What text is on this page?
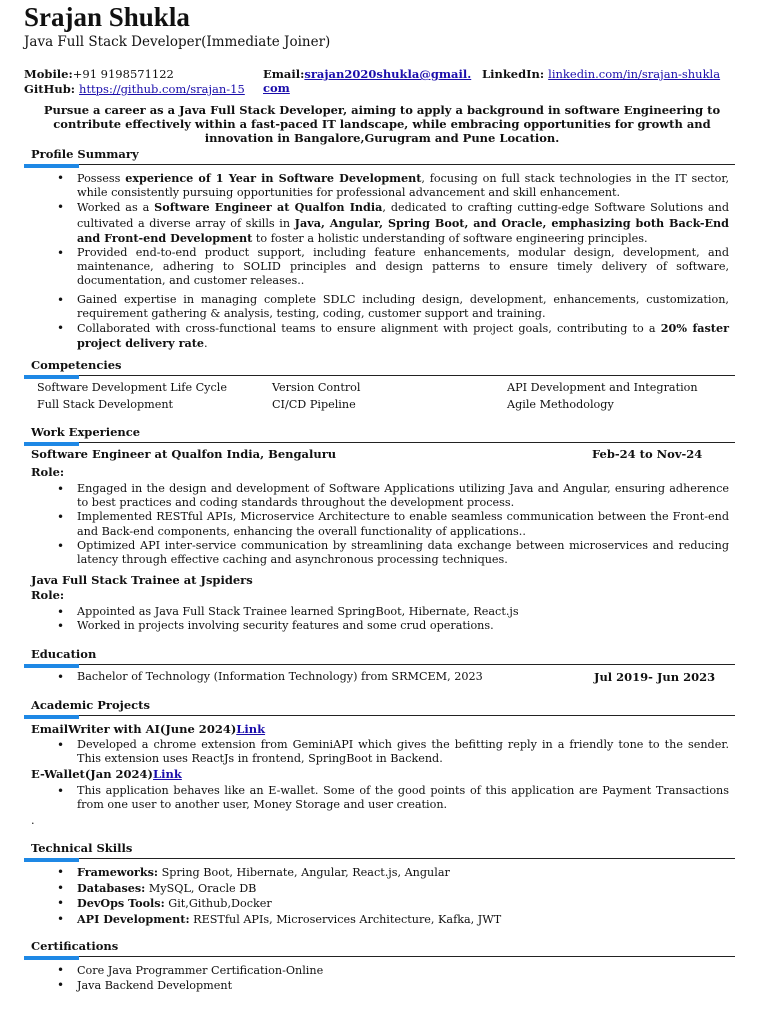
Srajan Shukla
Java Full Stack Developer(Immediate Joiner)
Mobile:+91 9198571122
GitHub: https://github.com/srajan-15
Email:srajan2020shukla@gmail.
com
LinkedIn: linkedin.com/in/srajan-shukla
Pursue a career as a Java Full Stack Developer, aiming to apply a background in software Engineering to contribute effectively within a fast-paced IT landscape, while embracing opportunities for growth and innovation in Bangalore,Gurugram and Pune Location.
Profile Summary
• Possess experience of 1 Year in Software Development, focusing on full stack technologies in the IT sector, while consistently pursuing opportunities for professional advancement and skill enhancement.
• Worked as a Software Engineer at Qualfon India, dedicated to crafting cutting-edge Software Solutions and cultivated a diverse array of skills in Java, Angular, Spring Boot, and Oracle, emphasizing both Back-End and Front-end Development to foster a holistic understanding of software engineering principles.
• Provided end-to-end product support, including feature enhancements, modular design, development, and maintenance, adhering to SOLID principles and design patterns to ensure timely delivery of software, documentation, and customer releases..
• Gained expertise in managing complete SDLC including design, development, enhancements, customization, requirement gathering & analysis, testing, coding, customer support and training.
• Collaborated with cross-functional teams to ensure alignment with project goals, contributing to a 20% faster project delivery rate.
Competencies
Software Development Life Cycle	Version Control	API Development and Integration
Full Stack Development	CI/CD Pipeline	Agile Methodology
Work Experience
Software Engineer at Qualfon India, Bengaluru	Feb-24 to Nov-24
Role:
• Engaged in the design and development of Software Applications utilizing Java and Angular, ensuring adherence to best practices and coding standards throughout the development process.
• Implemented RESTful APIs, Microservice Architecture to enable seamless communication between the Front-end and Back-end components, enhancing the overall functionality of applications..
• Optimized API inter-service communication by streamlining data exchange between microservices and reducing latency through effective caching and asynchronous processing techniques.
Java Full Stack Trainee at Jspiders
Role:
• Appointed as Java Full Stack Trainee learned SpringBoot, Hibernate, React.js
• Worked in projects involving security features and some crud operations.
Education
• Bachelor of Technology (Information Technology) from SRMCEM, 2023	Jul 2019- Jun 2023
Academic Projects
EmailWriter with AI(June 2024)Link
• Developed a chrome extension from GeminiAPI which gives the befitting reply in a friendly tone to the sender. This extension uses ReactJs in frontend, SpringBoot in Backend.
E-Wallet(Jan 2024)Link
• This application behaves like an E-wallet. Some of the good points of this application are Payment Transactions from one user to another user, Money Storage and user creation.
.
Technical Skills
• Frameworks: Spring Boot, Hibernate, Angular, React.js, Angular
• Databases: MySQL, Oracle DB
• DevOps Tools: Git,Github,Docker
• API Development: RESTful APIs, Microservices Architecture, Kafka, JWT
Certifications
• Core Java Programmer Certification-Online
• Java Backend Development
